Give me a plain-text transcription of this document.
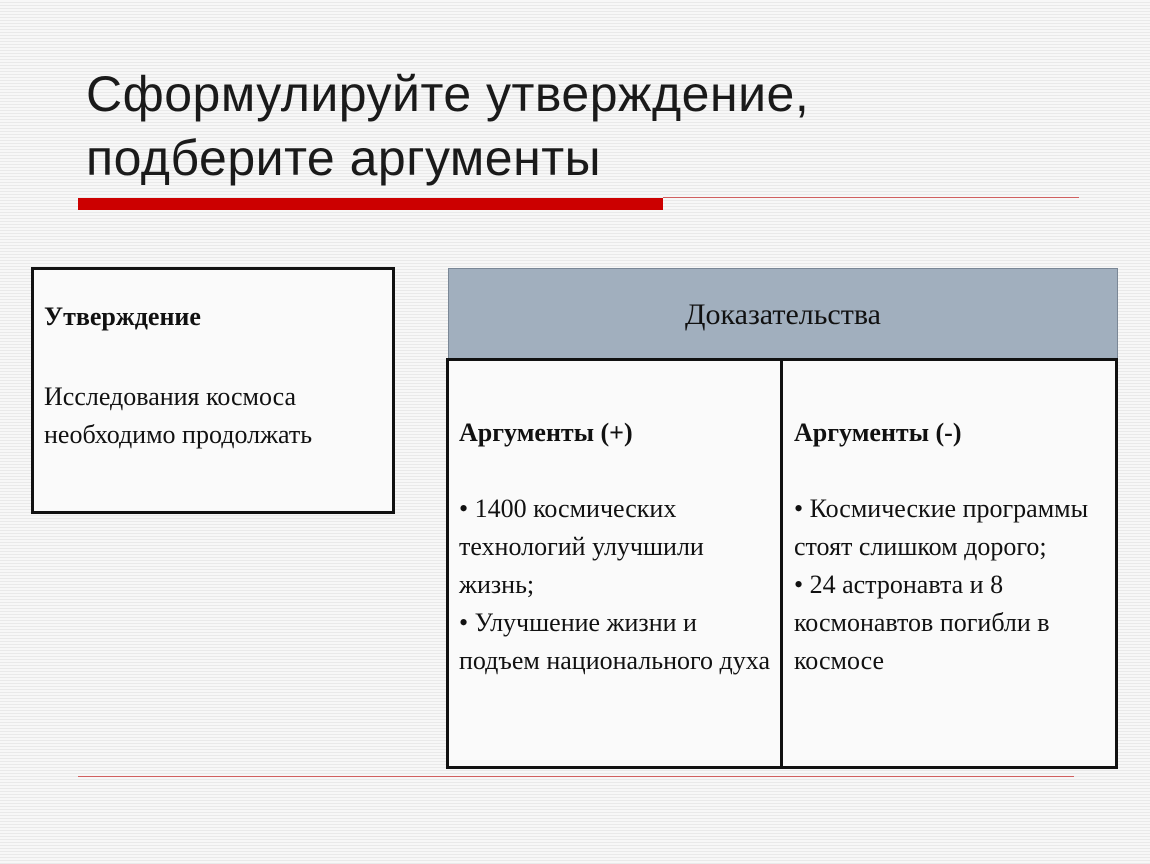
Сформулируйте утверждение,
подберите аргументы
Утверждение
Исследования космоса необходимо продолжать
Доказательства
Аргументы (+)
• 1400 космических технологий улучшили жизнь;
• Улучшение жизни и подъем национального духа
Аргументы (-)
• Космические программы стоят слишком дорого;
• 24 астронавта и 8 космонавтов погибли в космосе
